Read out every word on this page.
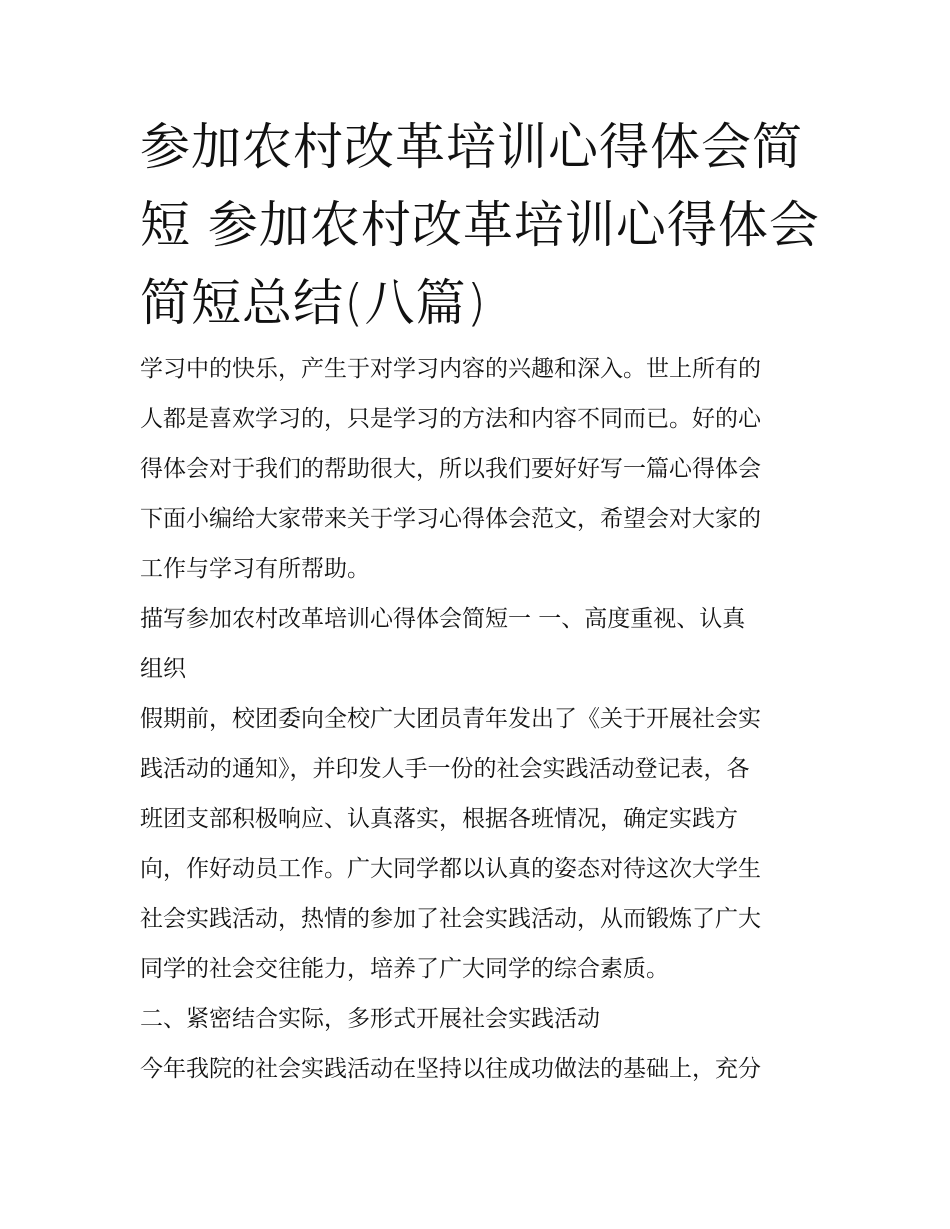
参加农村改革培训心得体会简
短 参加农村改革培训心得体会
简短总结(八篇)

学习中的快乐，产生于对学习内容的兴趣和深入。世上所有的
人都是喜欢学习的，只是学习的方法和内容不同而已。好的心
得体会对于我们的帮助很大，所以我们要好好写一篇心得体会
下面小编给大家带来关于学习心得体会范文，希望会对大家的
工作与学习有所帮助。

描写参加农村改革培训心得体会简短一 一、高度重视、认真
组织

假期前，校团委向全校广大团员青年发出了《关于开展社会实
践活动的通知》，并印发人手一份的社会实践活动登记表，各
班团支部积极响应、认真落实，根据各班情况，确定实践方
向，作好动员工作。广大同学都以认真的姿态对待这次大学生
社会实践活动，热情的参加了社会实践活动，从而锻炼了广大
同学的社会交往能力，培养了广大同学的综合素质。

二、紧密结合实际，多形式开展社会实践活动

今年我院的社会实践活动在坚持以往成功做法的基础上，充分
